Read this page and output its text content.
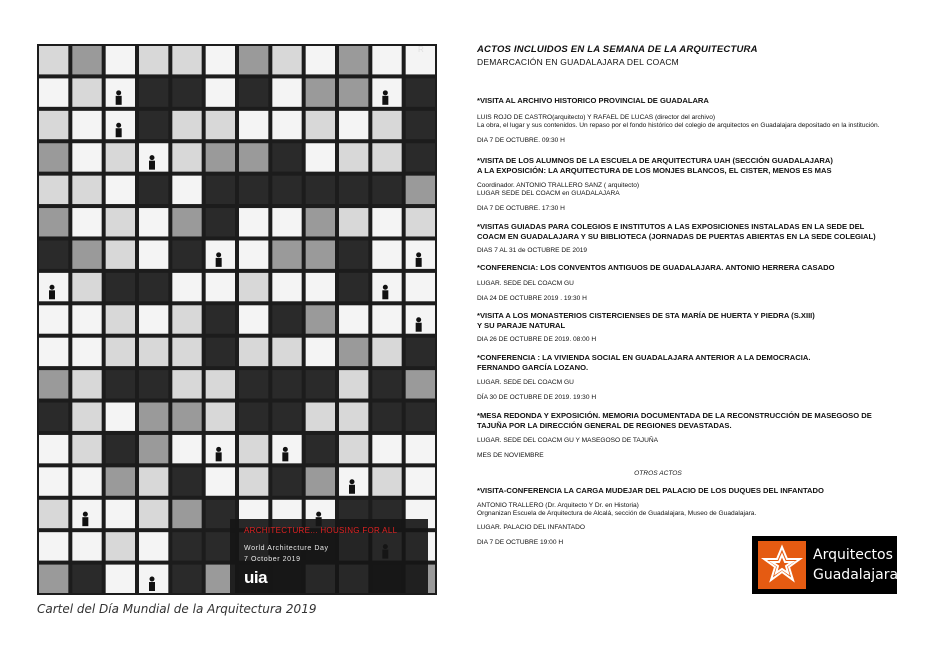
ARCHITECTURE... HOUSING FOR ALL
World Architecture Day
7 October 2019
uia
R
Cartel del Día Mundial de la Arquitectura 2019
ACTOS INCLUIDOS EN LA SEMANA DE LA ARQUITECTURA
DEMARCACIÓN EN GUADALAJARA DEL COACM
*VISITA AL ARCHIVO HISTORICO PROVINCIAL DE GUADALARA
LUIS ROJO DE CASTRO(arquitecto) Y RAFAEL DE LUCAS (director del archivo)
La obra, el lugar y sus contenidos. Un repaso por el fondo histórico del colegio de arquitectos en Guadalajara depositado en la institución.
DIA 7 DE OCTUBRE. 09:30 H
*VISITA DE LOS ALUMNOS DE LA ESCUELA DE ARQUITECTURA UAH (SECCIÓN GUADALAJARA)
A LA EXPOSICIÓN: LA ARQUITECTURA DE LOS MONJES BLANCOS, EL CISTER, MENOS ES MAS
Coordinador. ANTONIO TRALLERO SANZ ( arquitecto)
LUGAR SEDE DEL COACM en GUADALAJARA
DIA 7 DE OCTUBRE. 17:30 H
*VISITAS GUIADAS PARA COLEGIOS E INSTITUTOS A LAS EXPOSICIONES INSTALADAS EN LA SEDE DEL
COACM EN GUADALAJARA Y SU BIBLIOTECA (JORNADAS DE PUERTAS ABIERTAS EN LA SEDE COLEGIAL)
DIAS 7 AL 31 de OCTUBRE DE 2019
*CONFERENCIA: LOS CONVENTOS ANTIGUOS DE GUADALAJARA. ANTONIO HERRERA CASADO
LUGAR. SEDE DEL COACM GU
DIA 24 DE OCTUBRE 2019 . 19:30 H
*VISITA A LOS MONASTERIOS CISTERCIENSES DE STA MARÍA DE HUERTA Y PIEDRA (S.XIII)
Y SU PARAJE NATURAL
DIA 26 DE OCTUBRE DE 2019. 08:00 H
*CONFERENCIA : LA VIVIENDA SOCIAL EN GUADALAJARA ANTERIOR A LA DEMOCRACIA.
FERNANDO GARCÍA LOZANO.
LUGAR. SEDE DEL COACM GU
DÍA 30 DE OCTUBRE DE 2019. 19:30 H
*MESA REDONDA Y EXPOSICIÓN. MEMORIA DOCUMENTADA DE LA RECONSTRUCCIÓN DE MASEGOSO DE
TAJUÑA POR LA DIRECCIÓN GENERAL DE REGIONES DEVASTADAS.
LUGAR. SEDE DEL COACM GU Y MASEGOSO DE TAJUÑA
MES DE NOVIEMBRE
OTROS ACTOS
*VISITA-CONFERENCIA LA CARGA MUDEJAR DEL PALACIO DE LOS DUQUES DEL INFANTADO
ANTONIO TRALLERO (Dr. Arquitecto Y Dr. en Historia)
Orgnanizan Escuela de Arquitectura de Alcalá, sección de Guadalajara, Museo de Guadalajara.
LUGAR. PALACIO DEL INFANTADO
DIA 7 DE OCTUBRE 19:00 H
Arquitectos
Guadalajara
